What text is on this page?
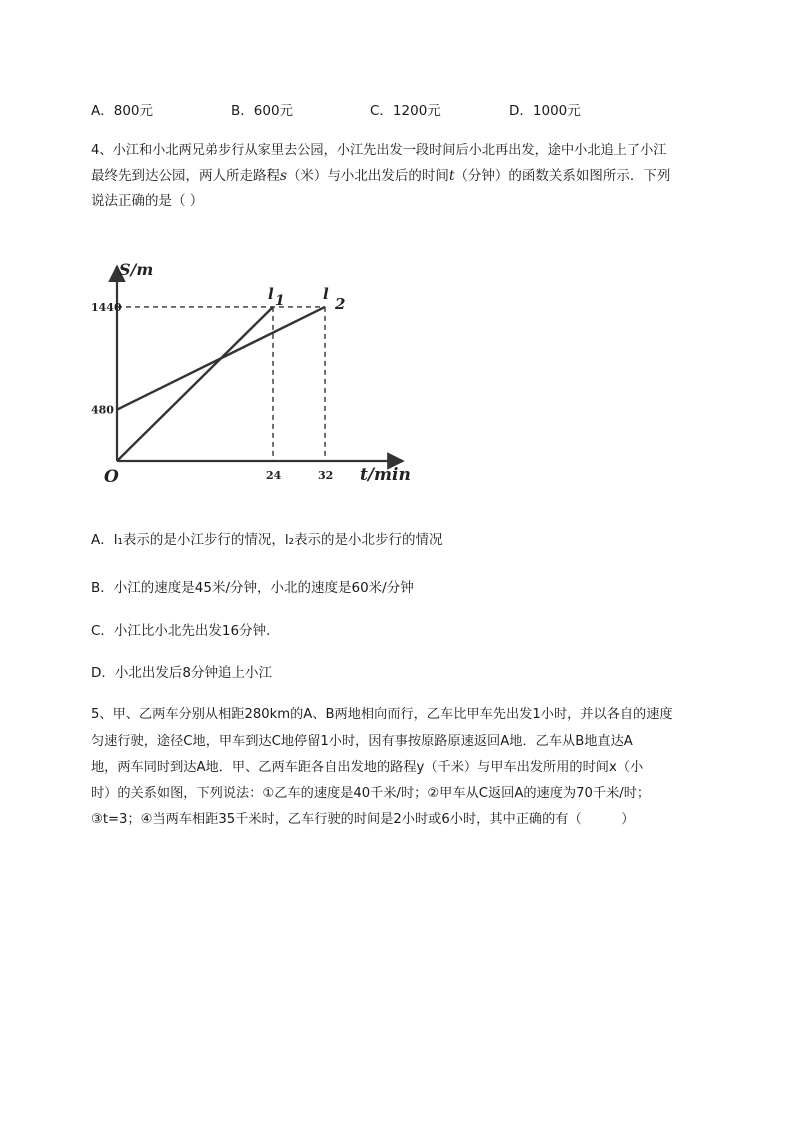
A．800元	B．600元	C．1200元	D．1000元
4、小江和小北两兄弟步行从家里去公园，小江先出发一段时间后小北再出发，途中小北追上了小江
最终先到达公园，两人所走路程s（米）与小北出发后的时间t（分钟）的函数关系如图所示．下列
说法正确的是（ ）
S/m
t/min
O
l 1	l
2
480
1440
24	32
A．l₁表示的是小江步行的情况，l₂表示的是小北步行的情况
B．小江的速度是45米/分钟，小北的速度是60米/分钟
C．小江比小北先出发16分钟．
D．小北出发后8分钟追上小江
5、甲、乙两车分别从相距280km的A、B两地相向而行，乙车比甲车先出发1小时，并以各自的速度
匀速行驶，途径C地，甲车到达C地停留1小时，因有事按原路原速返回A地．乙车从B地直达A
地，两车同时到达A地．甲、乙两车距各自出发地的路程y（千米）与甲车出发所用的时间x（小
时）的关系如图，下列说法：①乙车的速度是40千米/时；②甲车从C返回A的速度为70千米/时；
③t=3；④当两车相距35千米时，乙车行驶的时间是2小时或6小时，其中正确的有（　　　）
